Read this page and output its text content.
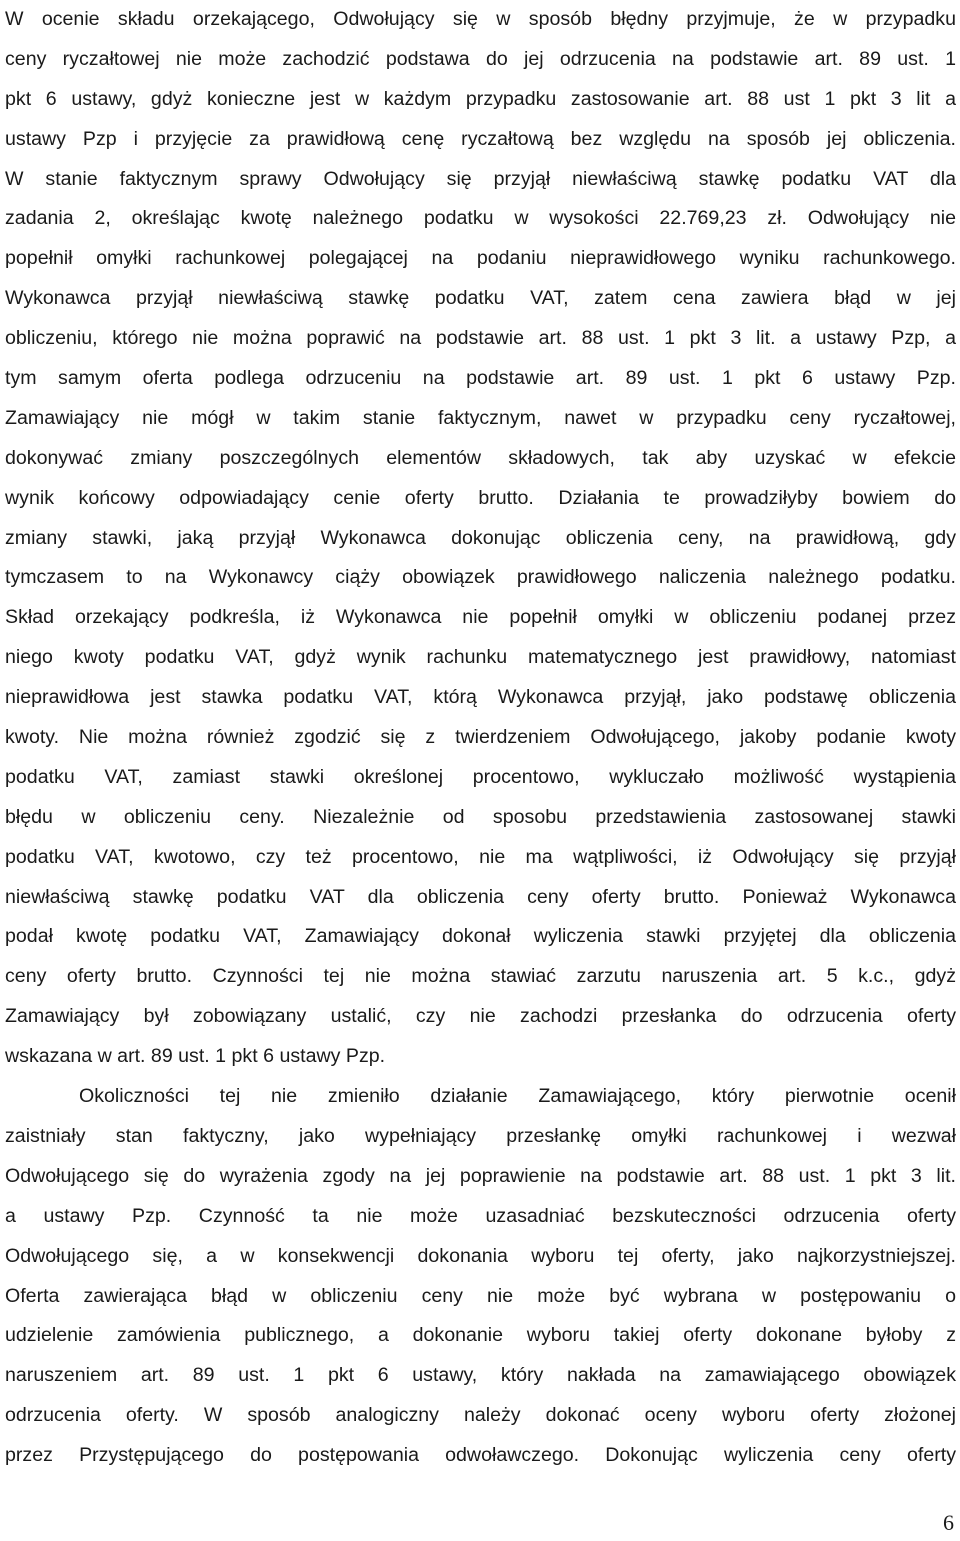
W ocenie składu orzekającego, Odwołujący się w sposób błędny przyjmuje, że w przypadku
ceny ryczałtowej nie może zachodzić podstawa do jej odrzucenia na podstawie art. 89 ust. 1
pkt 6 ustawy, gdyż konieczne jest w każdym przypadku zastosowanie art. 88 ust 1 pkt 3 lit a
ustawy Pzp i przyjęcie za prawidłową cenę ryczałtową bez względu na sposób jej obliczenia.
W stanie faktycznym sprawy Odwołujący się przyjął niewłaściwą stawkę podatku VAT dla
zadania 2, określając kwotę należnego podatku w wysokości 22.769,23 zł. Odwołujący nie
popełnił omyłki rachunkowej polegającej na podaniu nieprawidłowego wyniku rachunkowego.
Wykonawca przyjął niewłaściwą stawkę podatku VAT, zatem cena zawiera błąd w jej
obliczeniu, którego nie można poprawić na podstawie art. 88 ust. 1 pkt 3 lit. a ustawy Pzp, a
tym samym oferta podlega odrzuceniu na podstawie art. 89 ust. 1 pkt 6 ustawy Pzp.
Zamawiający nie mógł w takim stanie faktycznym, nawet w przypadku ceny ryczałtowej,
dokonywać zmiany poszczególnych elementów składowych, tak aby uzyskać w efekcie
wynik końcowy odpowiadający cenie oferty brutto. Działania te prowadziłyby bowiem do
zmiany stawki, jaką przyjął Wykonawca dokonując obliczenia ceny, na prawidłową, gdy
tymczasem to na Wykonawcy ciąży obowiązek prawidłowego naliczenia należnego podatku.
Skład orzekający podkreśla, iż Wykonawca nie popełnił omyłki w obliczeniu podanej przez
niego kwoty podatku VAT, gdyż wynik rachunku matematycznego jest prawidłowy, natomiast
nieprawidłowa jest stawka podatku VAT, którą Wykonawca przyjął, jako podstawę obliczenia
kwoty. Nie można również zgodzić się z twierdzeniem Odwołującego, jakoby podanie kwoty
podatku VAT, zamiast stawki określonej procentowo, wykluczało możliwość wystąpienia
błędu w obliczeniu ceny. Niezależnie od sposobu przedstawienia zastosowanej stawki
podatku VAT, kwotowo, czy też procentowo, nie ma wątpliwości, iż Odwołujący się przyjął
niewłaściwą stawkę podatku VAT dla obliczenia ceny oferty brutto. Ponieważ Wykonawca
podał kwotę podatku VAT, Zamawiający dokonał wyliczenia stawki przyjętej dla obliczenia
ceny oferty brutto. Czynności tej nie można stawiać zarzutu naruszenia art. 5 k.c., gdyż
Zamawiający był zobowiązany ustalić, czy nie zachodzi przesłanka do odrzucenia oferty
wskazana w art. 89 ust. 1 pkt 6 ustawy Pzp.
Okoliczności tej nie zmieniło działanie Zamawiającego, który pierwotnie ocenił
zaistniały stan faktyczny, jako wypełniający przesłankę omyłki rachunkowej i wezwał
Odwołującego się do wyrażenia zgody na jej poprawienie na podstawie art. 88 ust. 1 pkt 3 lit.
a ustawy Pzp. Czynność ta nie może uzasadniać bezskuteczności odrzucenia oferty
Odwołującego się, a w konsekwencji dokonania wyboru tej oferty, jako najkorzystniejszej.
Oferta zawierająca błąd w obliczeniu ceny nie może być wybrana w postępowaniu o
udzielenie zamówienia publicznego, a dokonanie wyboru takiej oferty dokonane byłoby z
naruszeniem art. 89 ust. 1 pkt 6 ustawy, który nakłada na zamawiającego obowiązek
odrzucenia oferty. W sposób analogiczny należy dokonać oceny wyboru oferty złożonej
przez Przystępującego do postępowania odwoławczego. Dokonując wyliczenia ceny oferty
6
